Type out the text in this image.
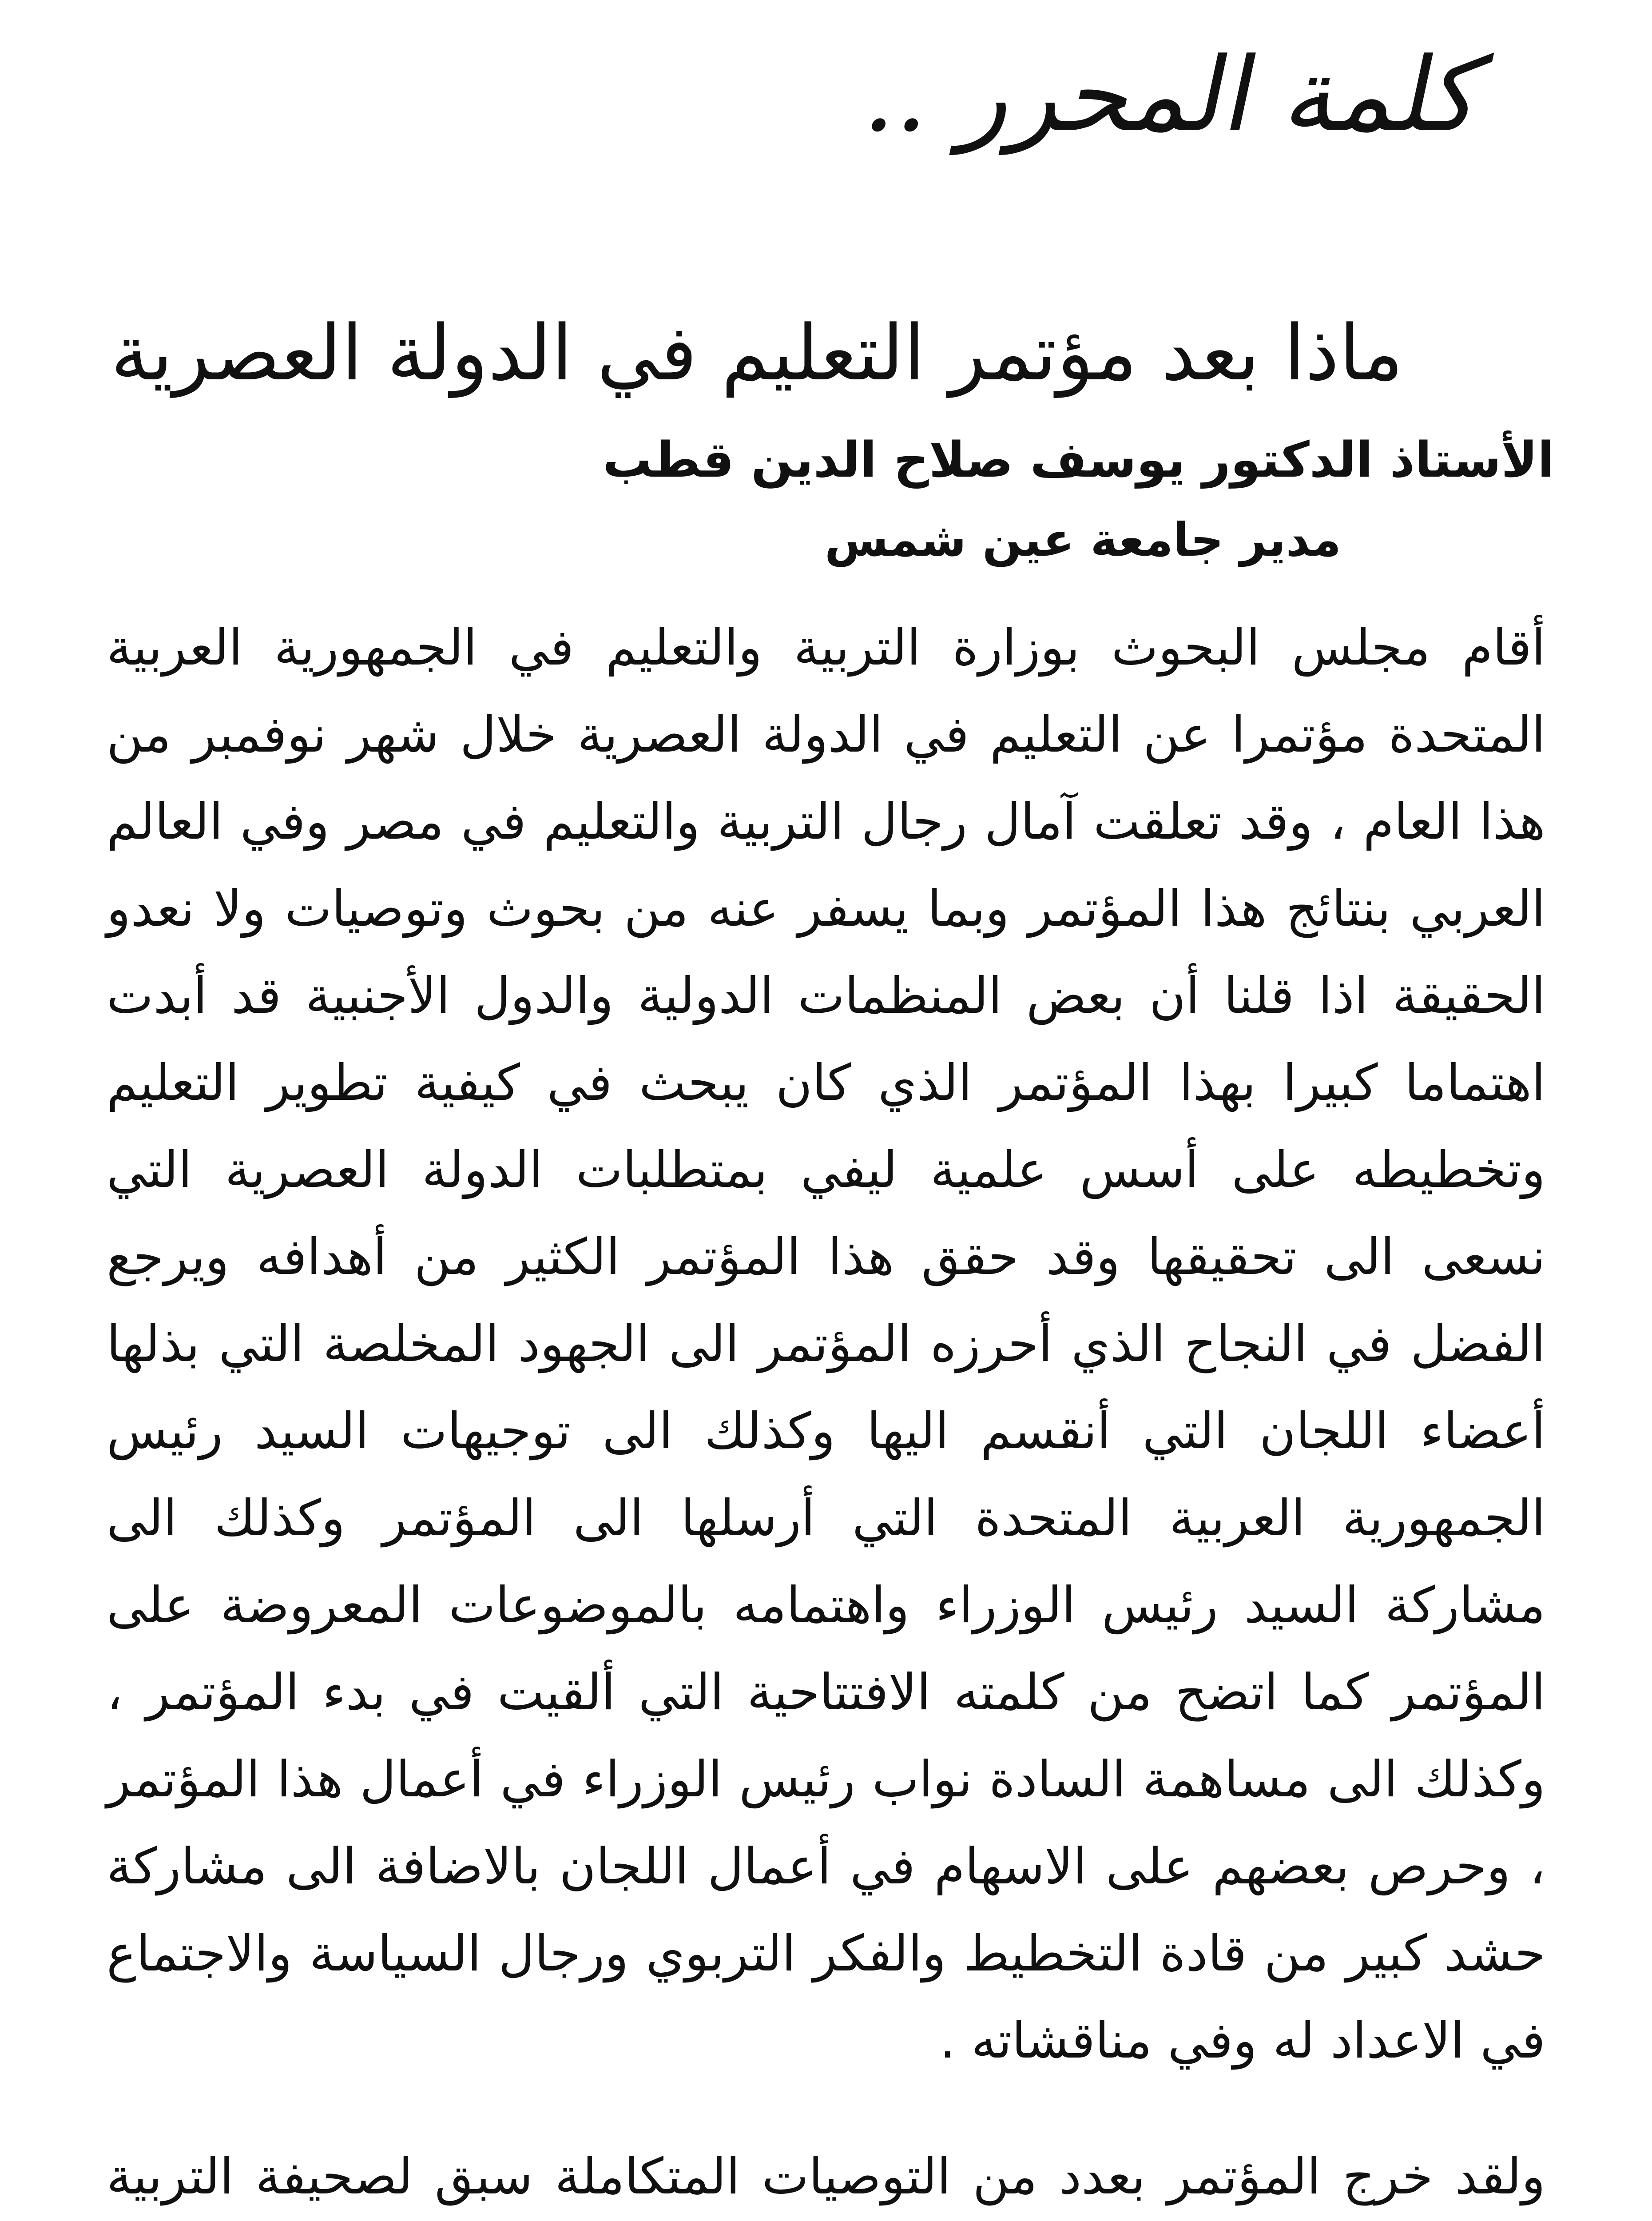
كلمة المحرر ..
ماذا بعد مؤتمر التعليم في الدولة العصرية
الأستاذ الدكتور يوسف صلاح الدين قطب
مدير جامعة عين شمس

أقام مجلس البحوث بوزارة التربية والتعليم في الجمهورية العربية المتحدة مؤتمرا عن التعليم في الدولة العصرية خلال شهر نوفمبر من هذا العام ، وقد تعلقت آمال رجال التربية والتعليم في مصر وفي العالم العربي بنتائج هذا المؤتمر وبما يسفر عنه من بحوث وتوصيات ولا نعدو الحقيقة اذا قلنا أن بعض المنظمات الدولية والدول الأجنبية قد أبدت اهتماما كبيرا بهذا المؤتمر الذي كان يبحث في كيفية تطوير التعليم وتخطيطه على أسس علمية ليفي بمتطلبات الدولة العصرية التي نسعى الى تحقيقها وقد حقق هذا المؤتمر الكثير من أهدافه ويرجع الفضل في النجاح الذي أحرزه المؤتمر الى الجهود المخلصة التي بذلها أعضاء اللجان التي أنقسم اليها وكذلك الى توجيهات السيد رئيس الجمهورية العربية المتحدة التي أرسلها الى المؤتمر وكذلك الى مشاركة السيد رئيس الوزراء واهتمامه بالموضوعات المعروضة على المؤتمر كما اتضح من كلمته الافتتاحية التي ألقيت في بدء المؤتمر ، وكذلك الى مساهمة السادة نواب رئيس الوزراء في أعمال هذا المؤتمر ، وحرص بعضهم على الاسهام في أعمال اللجان بالاضافة الى مشاركة حشد كبير من قادة التخطيط والفكر التربوي ورجال السياسة والاجتماع في الاعداد له وفي مناقشاته .

ولقد خرج المؤتمر بعدد من التوصيات المتكاملة سبق لصحيفة التربية
